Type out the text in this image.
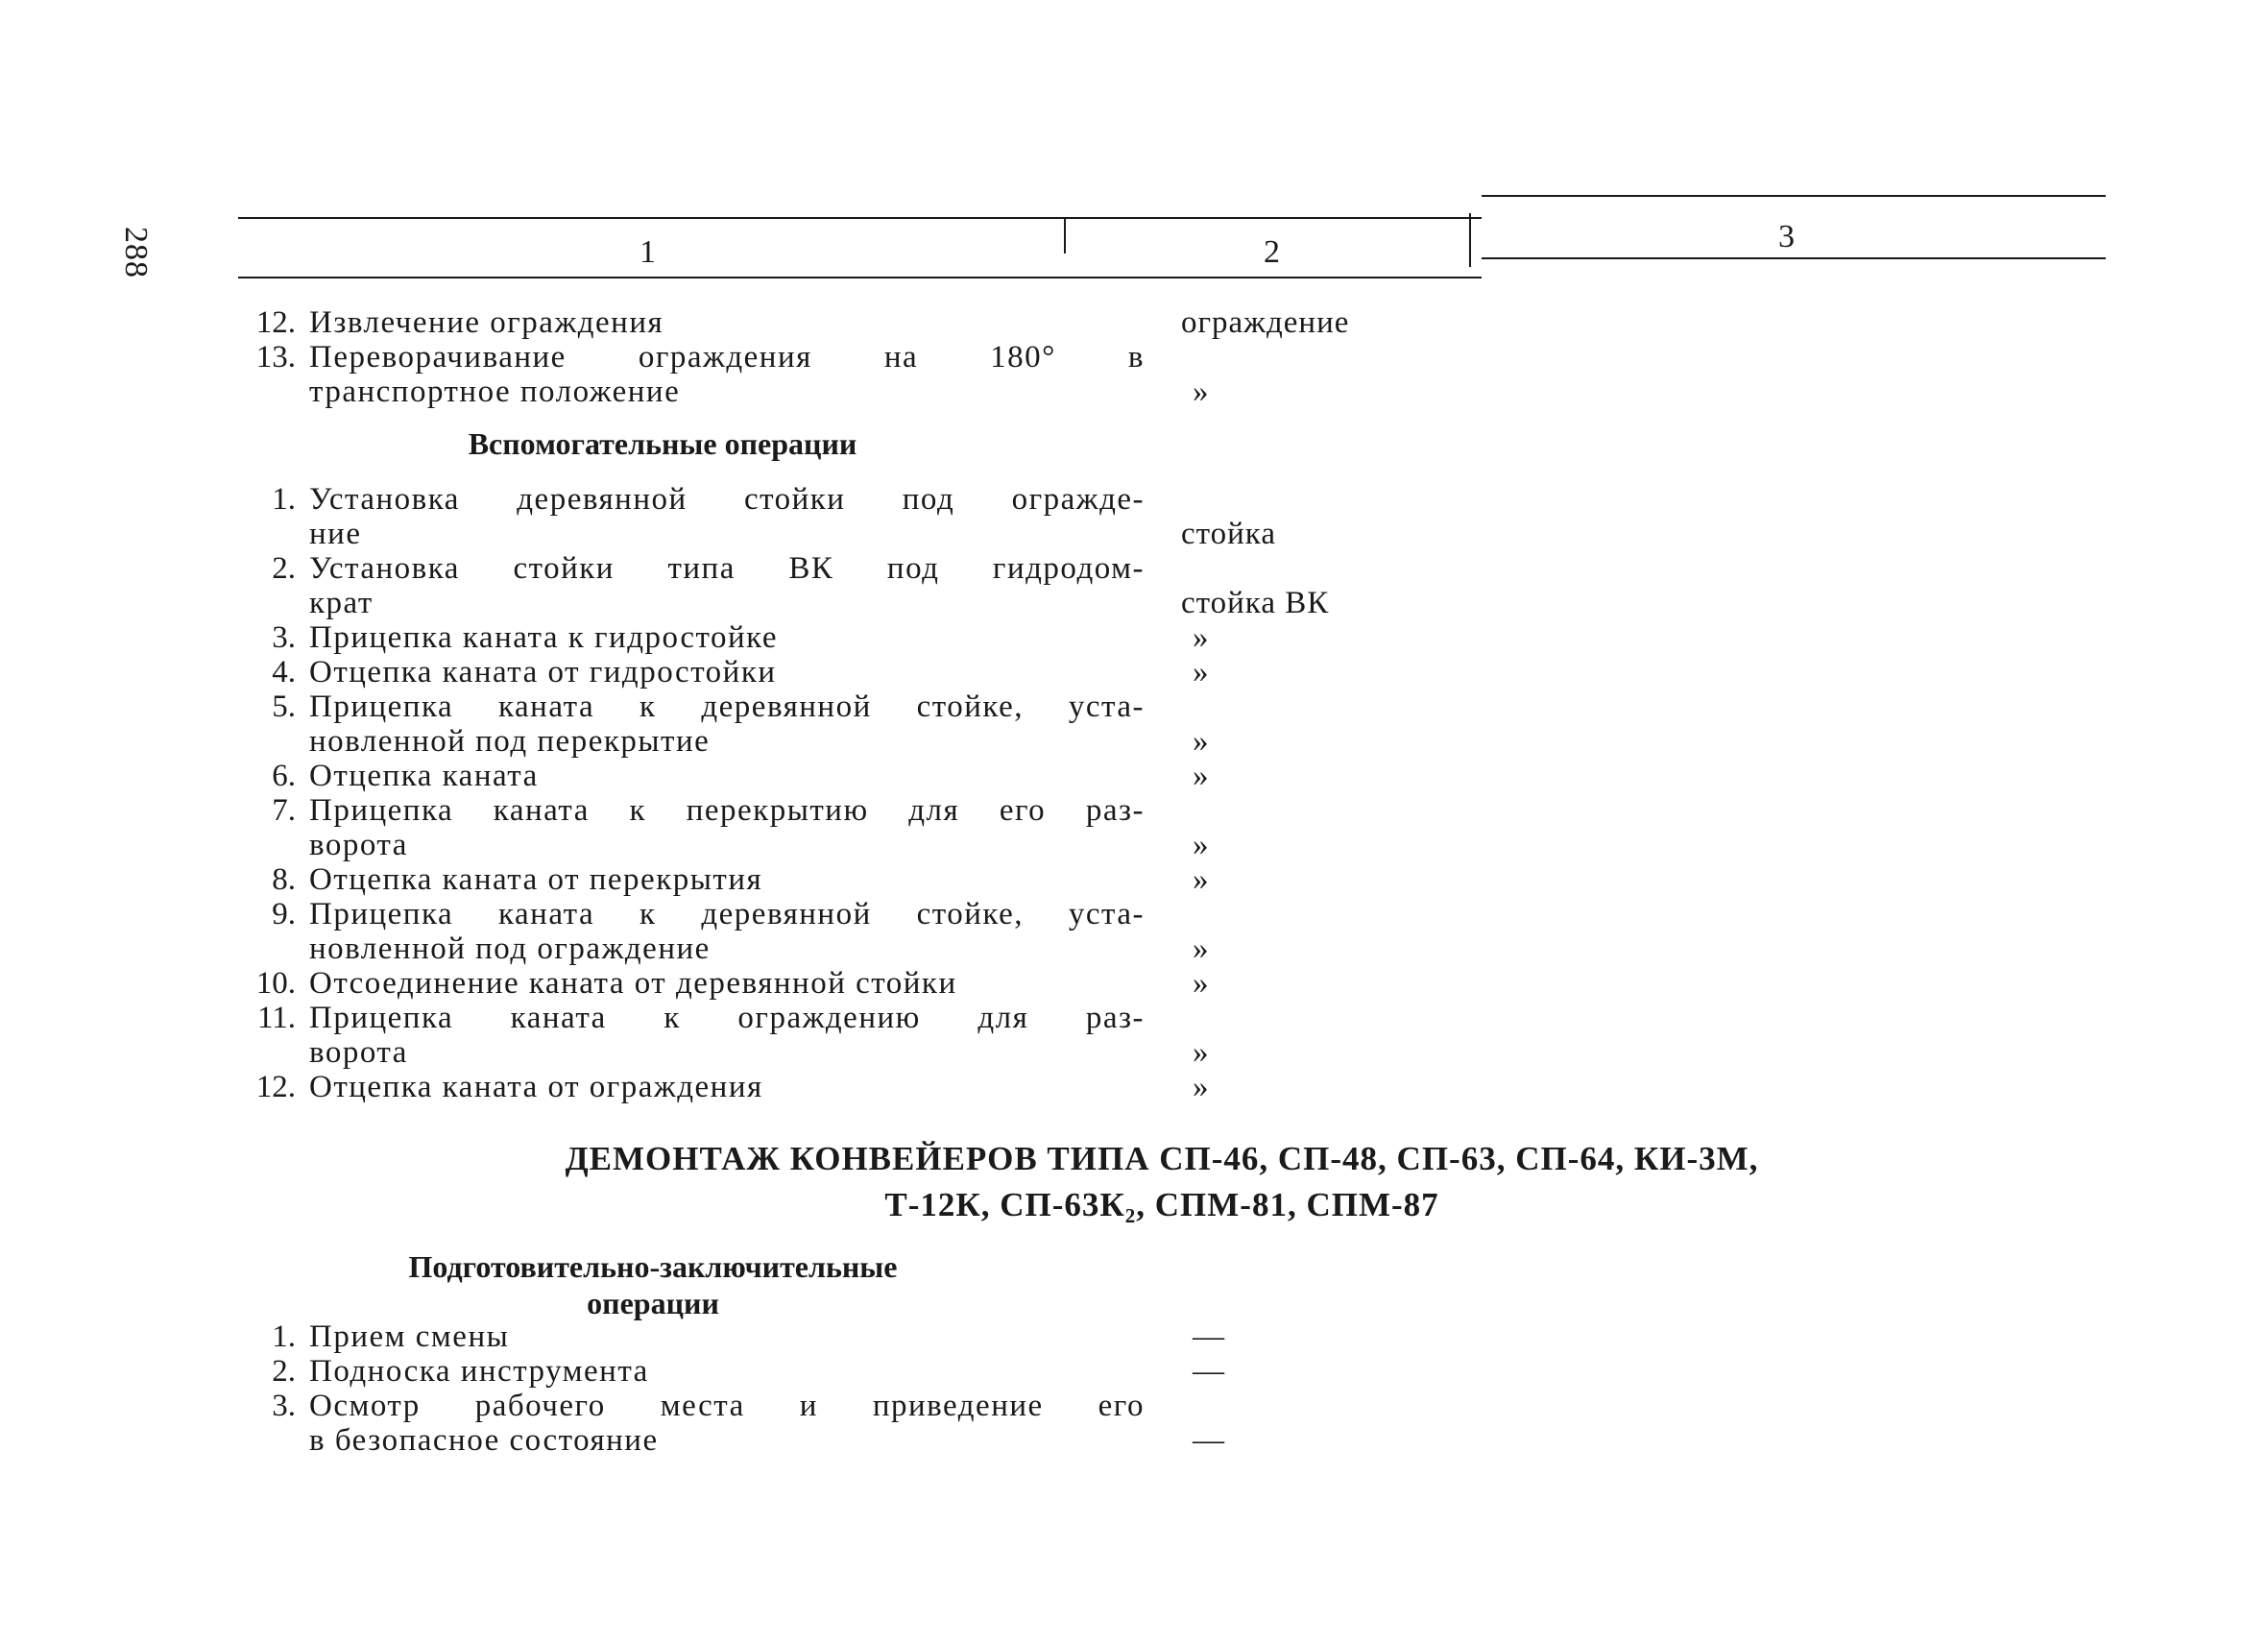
288	1	2	3
12. Извлечение ограждения	ограждение
13. Переворачивание ограждения на 180° в
транспортное положение	»
Вспомогательные операции
1. Установка деревянной стойки под огражде-
ние	стойка
2. Установка стойки типа ВК под гидродом-
крат	стойка ВК
3. Прицепка каната к гидростойке	»
4. Отцепка каната от гидростойки	»
5. Прицепка каната к деревянной стойке, уста-
новленной под перекрытие	»
6. Отцепка каната	»
7. Прицепка каната к перекрытию для его раз-
ворота	»
8. Отцепка каната от перекрытия	»
9. Прицепка каната к деревянной стойке, уста-
новленной под ограждение	»
10. Отсоединение каната от деревянной стойки	»
11. Прицепка каната к ограждению для раз-
ворота	»
12. Отцепка каната от ограждения	»
ДЕМОНТАЖ КОНВЕЙЕРОВ ТИПА СП-46, СП-48, СП-63, СП-64, КИ-3М,
Т-12К, СП-63К₂, СПМ-81, СПМ-87
Подготовительно-заключительные
операции
1. Прием смены	—
2. Подноска инструмента	—
3. Осмотр рабочего места и приведение его
в безопасное состояние	—
